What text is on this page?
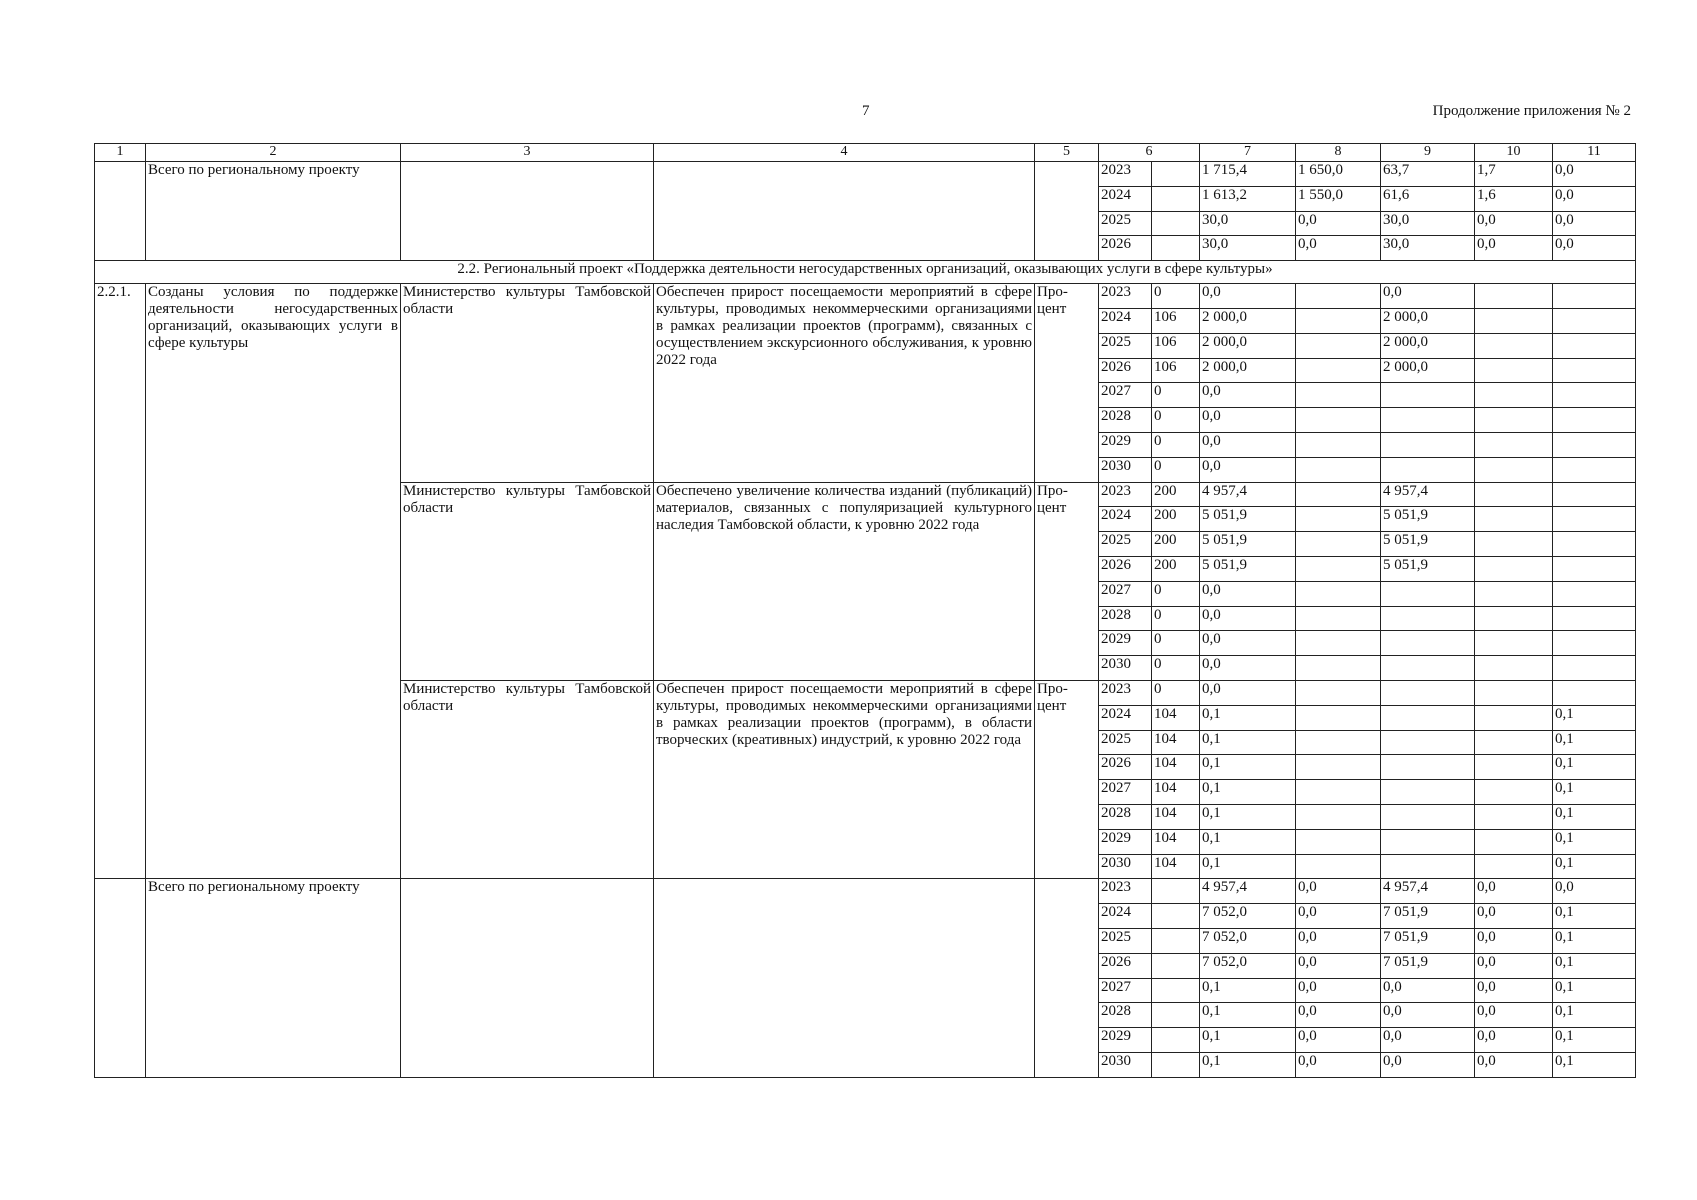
7	Продолжение приложения № 2
1	2	3	4	5	6		7	8	9	10	11
	Всего по региональному проекту				2023		1 715,4	1 650,0	63,7	1,7	0,0
					2024		1 613,2	1 550,0	61,6	1,6	0,0
					2025		30,0	0,0	30,0	0,0	0,0
					2026		30,0	0,0	30,0	0,0	0,0
2.2. Региональный проект «Поддержка деятельности негосударственных организаций, оказывающих услуги в сфере культуры»											
2.2.1.	Созданы условия по поддержке деятельности негосударственных организаций, оказывающих услуги в сфере культуры	Министерство культуры Тамбовской области	Обеспечен прирост посещаемости мероприятий в сфере культуры, проводимых некоммерческими организациями в рамках реализации проектов (программ), связанных с осуществлением экскурсионного обслуживания, к уровню 2022 года	Про-цент	2023	0	0,0		0,0		
					2024	106	2 000,0		2 000,0		
					2025	106	2 000,0		2 000,0		
					2026	106	2 000,0		2 000,0		
					2027	0	0,0				
					2028	0	0,0				
					2029	0	0,0				
					2030	0	0,0				
		Министерство культуры Тамбовской области	Обеспечено увеличение количества изданий (публикаций) материалов, связанных с популяризацией культурного наследия Тамбовской области, к уровню 2022 года	Про-цент	2023	200	4 957,4		4 957,4		
					2024	200	5 051,9		5 051,9		
					2025	200	5 051,9		5 051,9		
					2026	200	5 051,9		5 051,9		
					2027	0	0,0				
					2028	0	0,0				
					2029	0	0,0				
					2030	0	0,0				
		Министерство культуры Тамбовской области	Обеспечен прирост посещаемости мероприятий в сфере культуры, проводимых некоммерческими организациями в рамках реализации проектов (программ), в области творческих (креативных) индустрий, к уровню 2022 года	Про-цент	2023	0	0,0				
					2024	104	0,1				0,1
					2025	104	0,1				0,1
					2026	104	0,1				0,1
					2027	104	0,1				0,1
					2028	104	0,1				0,1
					2029	104	0,1				0,1
					2030	104	0,1				0,1
	Всего по региональному проекту				2023		4 957,4	0,0	4 957,4	0,0	0,0
					2024		7 052,0	0,0	7 051,9	0,0	0,1
					2025		7 052,0	0,0	7 051,9	0,0	0,1
					2026		7 052,0	0,0	7 051,9	0,0	0,1
					2027		0,1	0,0	0,0	0,0	0,1
					2028		0,1	0,0	0,0	0,0	0,1
					2029		0,1	0,0	0,0	0,0	0,1
					2030		0,1	0,0	0,0	0,0	0,1
